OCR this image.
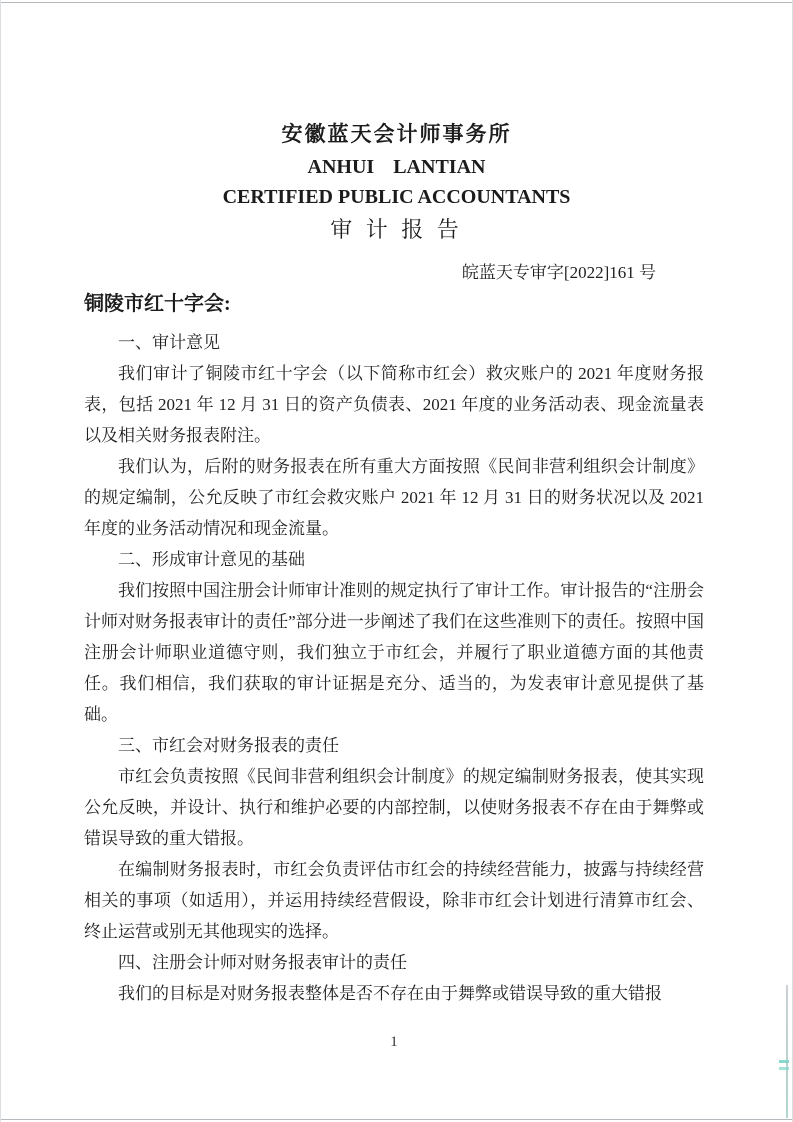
安徽蓝天会计师事务所
ANHUI LANTIAN
CERTIFIED PUBLIC ACCOUNTANTS
审 计 报 告
皖蓝天专审字[2022]161 号
铜陵市红十字会:

一、审计意见

我们审计了铜陵市红十字会（以下简称市红会）救灾账户的 2021 年度财务报表，包括 2021 年 12 月 31 日的资产负债表、2021 年度的业务活动表、现金流量表以及相关财务报表附注。

我们认为，后附的财务报表在所有重大方面按照《民间非营利组织会计制度》的规定编制，公允反映了市红会救灾账户 2021 年 12 月 31 日的财务状况以及 2021 年度的业务活动情况和现金流量。

二、形成审计意见的基础

我们按照中国注册会计师审计准则的规定执行了审计工作。审计报告的“注册会计师对财务报表审计的责任”部分进一步阐述了我们在这些准则下的责任。按照中国注册会计师职业道德守则，我们独立于市红会，并履行了职业道德方面的其他责任。我们相信，我们获取的审计证据是充分、适当的，为发表审计意见提供了基础。

三、市红会对财务报表的责任

市红会负责按照《民间非营利组织会计制度》的规定编制财务报表，使其实现公允反映，并设计、执行和维护必要的内部控制，以使财务报表不存在由于舞弊或错误导致的重大错报。

在编制财务报表时，市红会负责评估市红会的持续经营能力，披露与持续经营相关的事项（如适用），并运用持续经营假设，除非市红会计划进行清算市红会、终止运营或别无其他现实的选择。

四、注册会计师对财务报表审计的责任

我们的目标是对财务报表整体是否不存在由于舞弊或错误导致的重大错报

1
